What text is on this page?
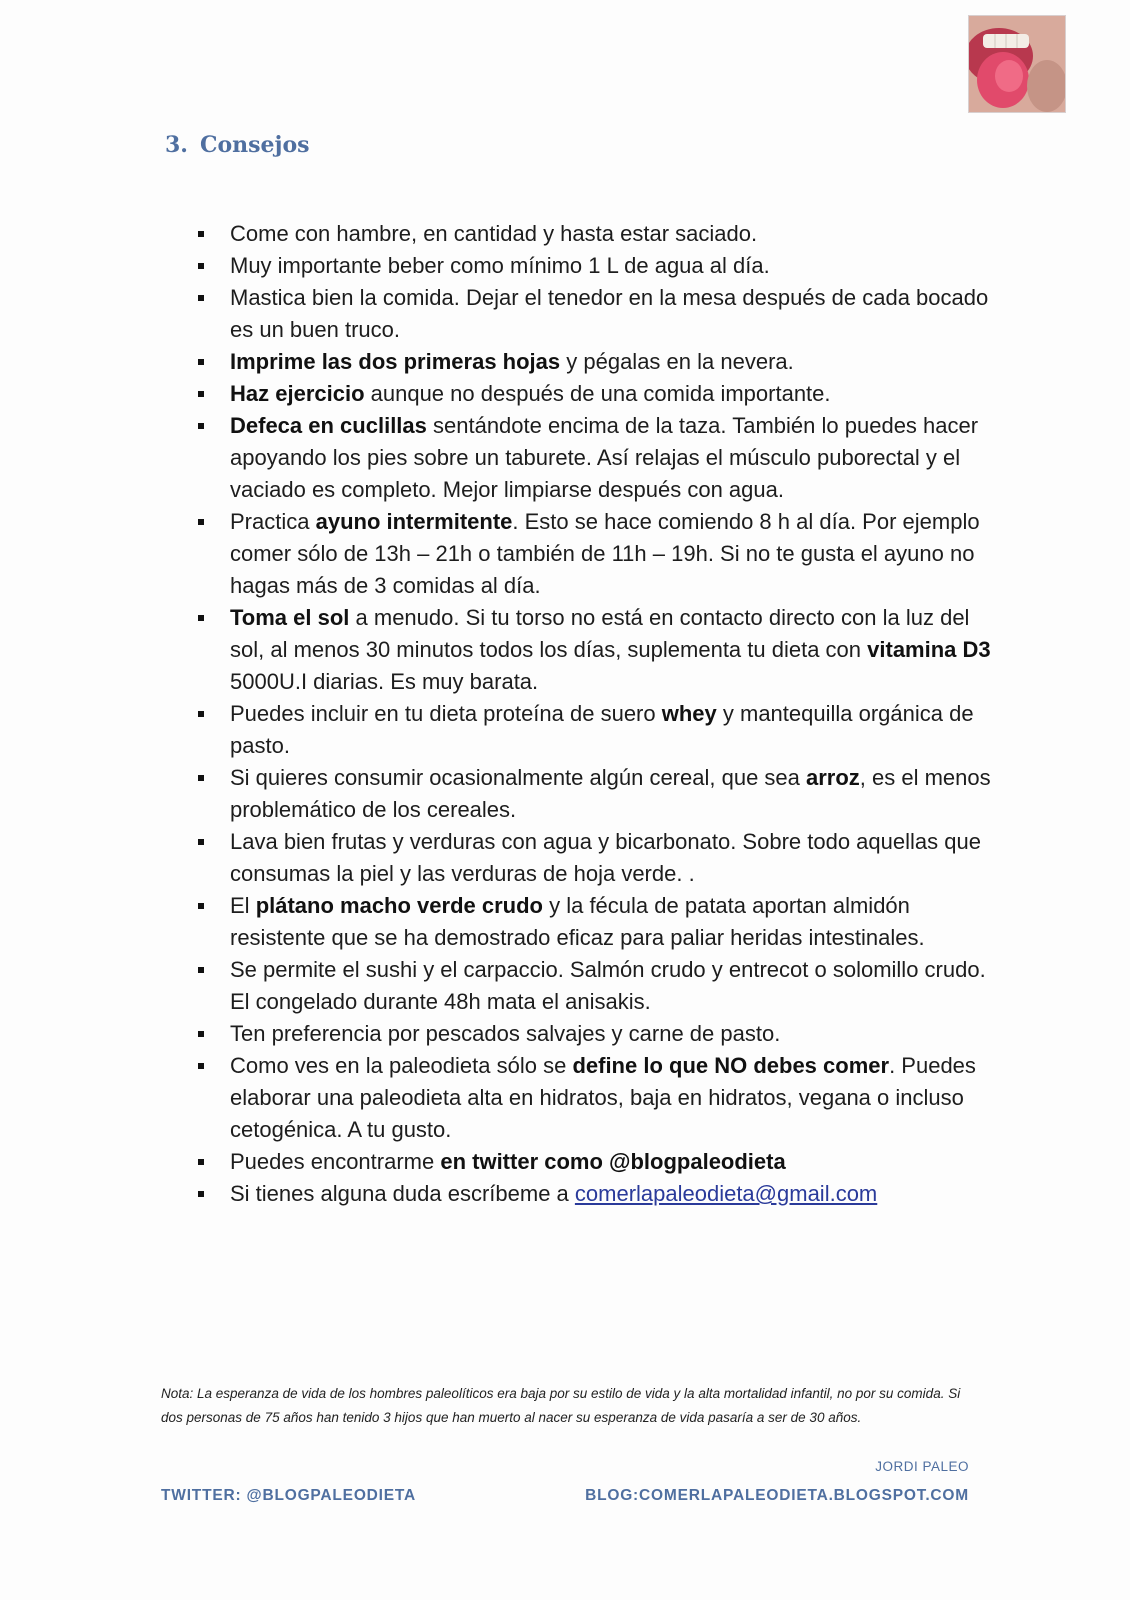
3. Consejos
Come con hambre, en cantidad y hasta estar saciado.
Muy importante beber como mínimo 1 L de agua al día.
Mastica bien la comida. Dejar el tenedor en la mesa después de cada bocado es un buen truco.
Imprime las dos primeras hojas y pégalas en la nevera.
Haz ejercicio aunque no después de una comida importante.
Defeca en cuclillas sentándote encima de la taza. También lo puedes hacer apoyando los pies sobre un taburete. Así relajas el músculo puborectal y el vaciado es completo. Mejor limpiarse después con agua.
Practica ayuno intermitente. Esto se hace comiendo 8 h al día. Por ejemplo comer sólo de 13h – 21h o también de 11h – 19h. Si no te gusta el ayuno no hagas más de 3 comidas al día.
Toma el sol a menudo. Si tu torso no está en contacto directo con la luz del sol, al menos 30 minutos todos los días, suplementa tu dieta con vitamina D3 5000U.I diarias. Es muy barata.
Puedes incluir en tu dieta proteína de suero whey y mantequilla orgánica de pasto.
Si quieres consumir ocasionalmente algún cereal, que sea arroz, es el menos problemático de los cereales.
Lava bien frutas y verduras con agua y bicarbonato. Sobre todo aquellas que consumas la piel y las verduras de hoja verde. .
El plátano macho verde crudo y la fécula de patata aportan almidón resistente que se ha demostrado eficaz para paliar heridas intestinales.
Se permite el sushi y el carpaccio. Salmón crudo y entrecot o solomillo crudo. El congelado durante 48h mata el anisakis.
Ten preferencia por pescados salvajes y carne de pasto.
Como ves en la paleodieta sólo se define lo que NO debes comer. Puedes elaborar una paleodieta alta en hidratos, baja en hidratos, vegana o incluso cetogénica. A tu gusto.
Puedes encontrarme en twitter como @blogpaleodieta
Si tienes alguna duda escríbeme a comerlapaleodieta@gmail.com
Nota: La esperanza de vida de los hombres paleolíticos era baja por su estilo de vida y la alta mortalidad infantil, no por su comida. Si dos personas de 75 años han tenido 3 hijos que han muerto al nacer su esperanza de vida pasaría a ser de 30 años.
JORDI PALEO
TWITTER: @BLOGPALEODIETA	BLOG:COMERLAPALEODIETA.BLOGSPOT.COM
